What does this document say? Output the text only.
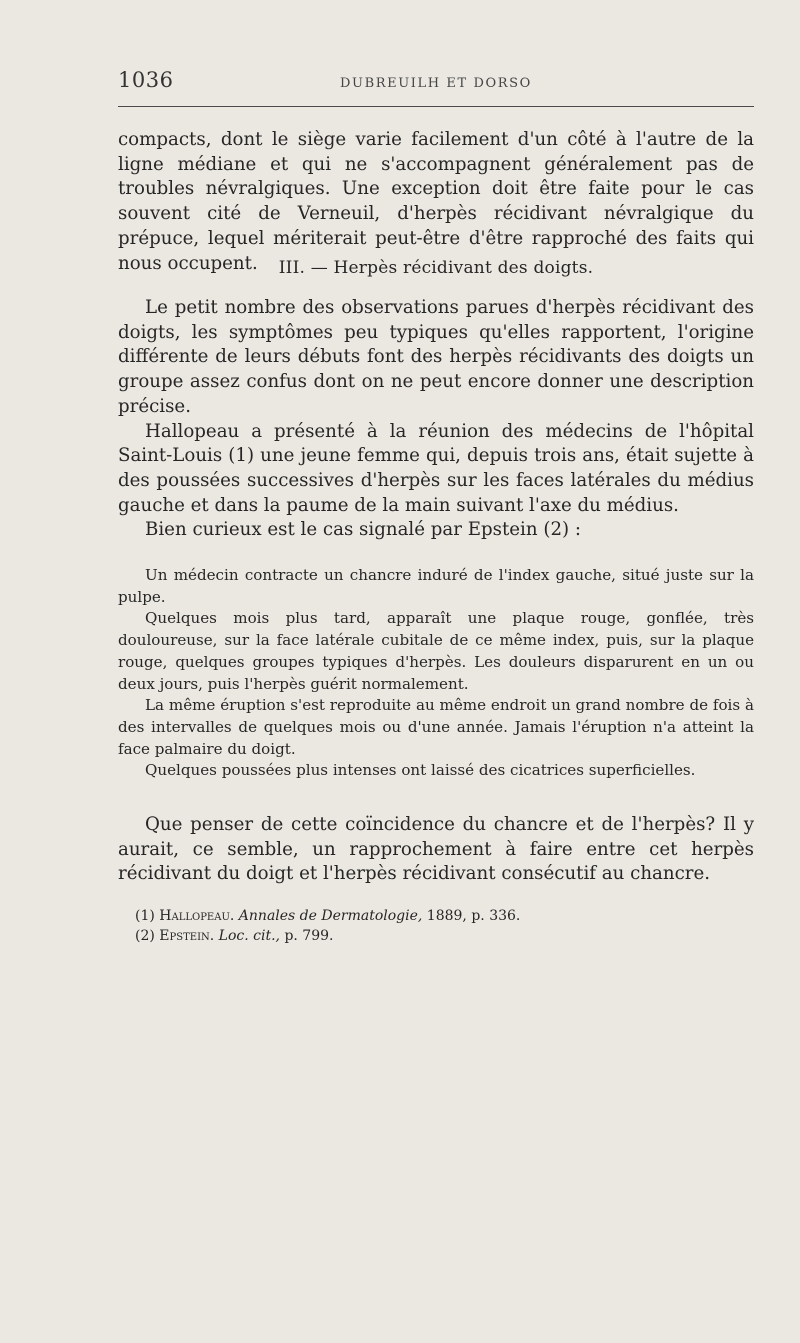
1036	DUBREUILH ET DORSO

compacts, dont le siège varie facilement d'un côté à l'autre de la ligne médiane et qui ne s'accompagnent généralement pas de troubles névralgiques. Une exception doit être faite pour le cas souvent cité de Verneuil, d'herpès récidivant névralgique du prépuce, lequel mériterait peut-être d'être rapproché des faits qui nous occupent.	III. — Herpès récidivant des doigts.

Le petit nombre des observations parues d'herpès récidivant des doigts, les symptômes peu typiques qu'elles rapportent, l'origine différente de leurs débuts font des herpès récidivants des doigts un groupe assez confus dont on ne peut encore donner une description précise.

Hallopeau a présenté à la réunion des médecins de l'hôpital Saint-Louis (1) une jeune femme qui, depuis trois ans, était sujette à des poussées successives d'herpès sur les faces latérales du médius gauche et dans la paume de la main suivant l'axe du médius.

Bien curieux est le cas signalé par Epstein (2) :

Un médecin contracte un chancre induré de l'index gauche, situé juste sur la pulpe.

Quelques mois plus tard, apparaît une plaque rouge, gonflée, très douloureuse, sur la face latérale cubitale de ce même index, puis, sur la plaque rouge, quelques groupes typiques d'herpès. Les douleurs disparurent en un ou deux jours, puis l'herpès guérit normalement.

La même éruption s'est reproduite au même endroit un grand nombre de fois à des intervalles de quelques mois ou d'une année. Jamais l'éruption n'a atteint la face palmaire du doigt.

Quelques poussées plus intenses ont laissé des cicatrices superficielles.

Que penser de cette coïncidence du chancre et de l'herpès? Il y aurait, ce semble, un rapprochement à faire entre cet herpès récidivant du doigt et l'herpès récidivant consécutif au chancre.

(1) Hallopeau. Annales de Dermatologie, 1889, p. 336.

(2) Epstein. Loc. cit., p. 799.
